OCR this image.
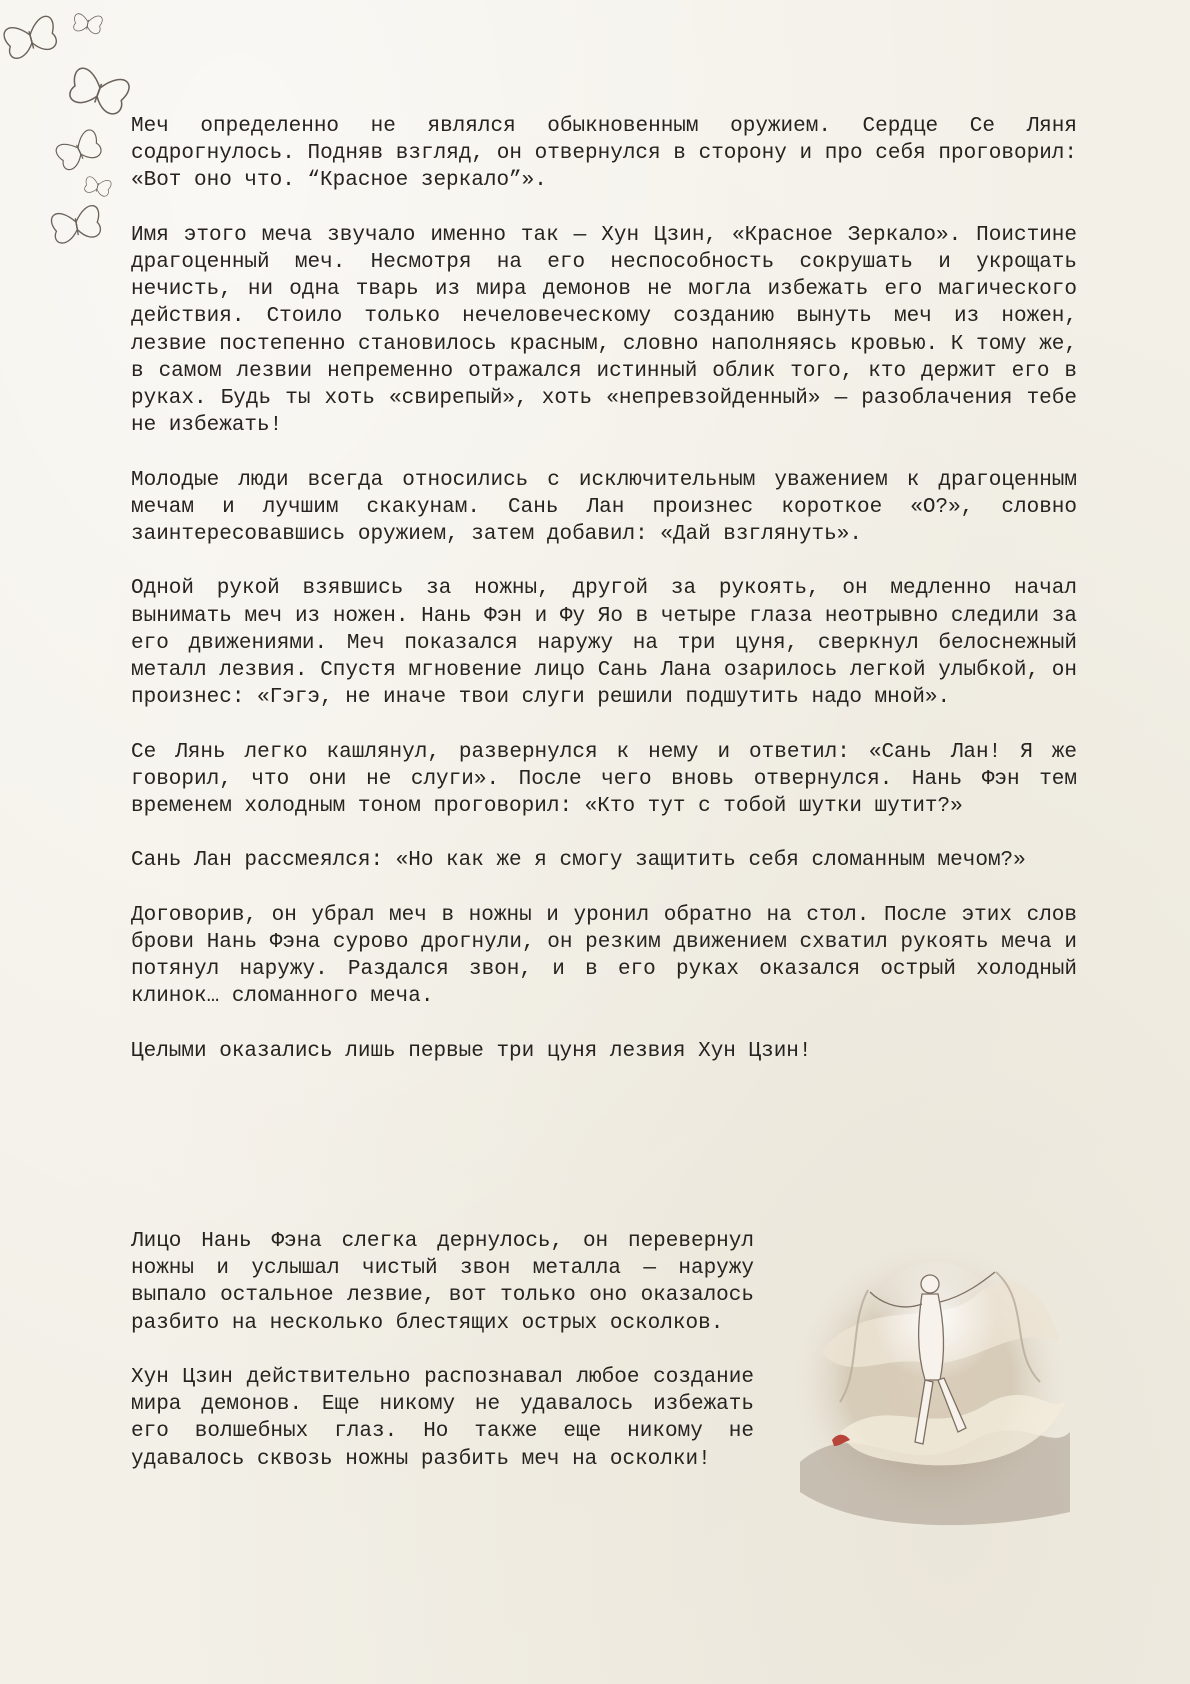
Меч определенно не являлся обыкновенным оружием. Сердце Се Ляня содрогнулось. Подняв взгляд, он отвернулся в сторону и про себя проговорил: «Вот оно что. “Красное зеркало”».

Имя этого меча звучало именно так — Хун Цзин, «Красное Зеркало». Поистине драгоценный меч. Несмотря на его неспособность сокрушать и укрощать нечисть, ни одна тварь из мира демонов не могла избежать его магического действия. Стоило только нечеловеческому созданию вынуть меч из ножен, лезвие постепенно становилось красным, словно наполняясь кровью. К тому же, в самом лезвии непременно отражался истинный облик того, кто держит его в руках. Будь ты хоть «свирепый», хоть «непревзойденный» — разоблачения тебе не избежать!

Молодые люди всегда относились с исключительным уважением к драгоценным мечам и лучшим скакунам. Сань Лан произнес короткое «О?», словно заинтересовавшись оружием, затем добавил: «Дай взглянуть».

Одной рукой взявшись за ножны, другой за рукоять, он медленно начал вынимать меч из ножен. Нань Фэн и Фу Яо в четыре глаза неотрывно следили за его движениями. Меч показался наружу на три цуня, сверкнул белоснежный металл лезвия. Спустя мгновение лицо Сань Лана озарилось легкой улыбкой, он произнес: «Гэгэ, не иначе твои слуги решили подшутить надо мной».

Се Лянь легко кашлянул, развернулся к нему и ответил: «Сань Лан! Я же говорил, что они не слуги». После чего вновь отвернулся. Нань Фэн тем временем холодным тоном проговорил: «Кто тут с тобой шутки шутит?»

Сань Лан рассмеялся: «Но как же я смогу защитить себя сломанным мечом?»

Договорив, он убрал меч в ножны и уронил обратно на стол. После этих слов брови Нань Фэна сурово дрогнули, он резким движением схватил рукоять меча и потянул наружу. Раздался звон, и в его руках оказался острый холодный клинок… сломанного меча.

Целыми оказались лишь первые три цуня лезвия Хун Цзин!

Лицо Нань Фэна слегка дернулось, он перевернул ножны и услышал чистый звон металла — наружу выпало остальное лезвие, вот только оно оказалось разбито на несколько блестящих острых осколков.

Хун Цзин действительно распознавал любое создание мира демонов. Еще никому не удавалось избежать его волшебных глаз. Но также еще никому не удавалось сквозь ножны разбить меч на осколки!
